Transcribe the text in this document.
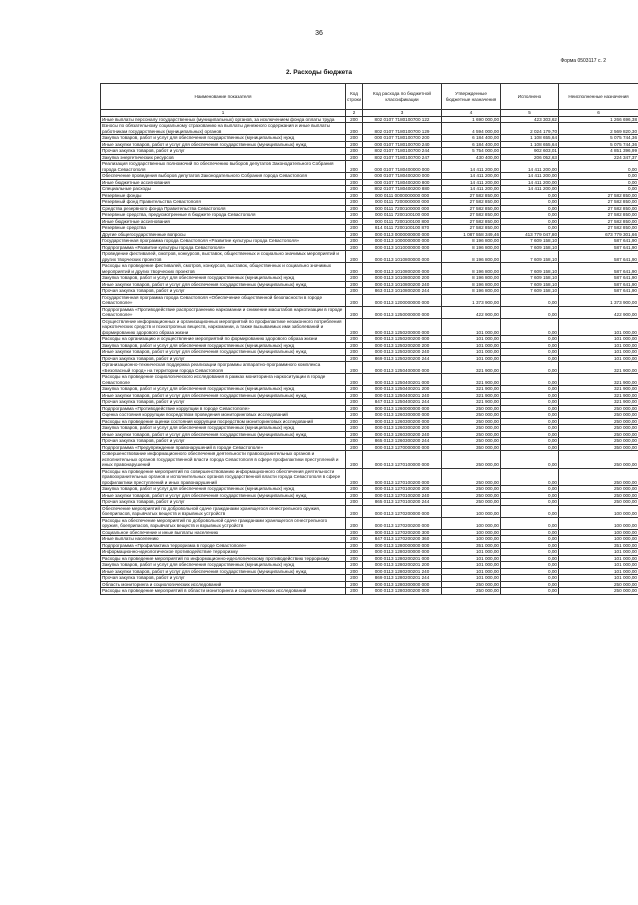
36
Форма 0503117 с. 2
2. Расходы бюджета
Наименование показателя	Код строки	Код расхода по бюджетной классификации	Утвержденные бюджетные назначения	Исполнено	Неисполненные назначения
1	2	3	4	5	6
Иные выплаты персоналу государственных (муниципальных) органов, за исключением фонда оплаты труда	200	802 0107 7180100700 122	1 690 000,00	423 303,62	1 266 696,38
Взносы по обязательному социальному страхованию на выплаты денежного содержания и иные выплаты работникам государственных (муниципальных) органов	200	802 0107 7180100700 129	4 594 000,00	2 024 179,70	2 569 820,30
Закупка товаров, работ и услуг для обеспечения государственных (муниципальных) нужд	200	000 0107 7180100700 200	6 184 400,00	1 108 655,64	5 075 744,36
Иные закупки товаров, работ и услуг для обеспечения государственных (муниципальных) нужд	200	000 0107 7180100700 240	6 184 400,00	1 108 655,64	5 075 744,36
Прочая закупка товаров, работ и услуг	200	802 0107 7180100700 244	5 754 000,00	902 603,01	4 851 396,99
Закупка энергетических ресурсов	200	802 0107 7180100700 247	430 400,00	206 052,63	224 347,37
Реализация государственных полномочий по обеспечению выборов депутатов Законодательного Собрания города Севастополя	200	000 0107 7180400000 000	14 411 200,00	14 411 200,00	0,00
Обеспечение проведения выборов депутатов Законодательного Собрания города Севастополя	200	000 0107 7180400200 000	14 411 200,00	14 411 200,00	0,00
Иные бюджетные ассигнования	200	000 0107 7180400200 800	14 411 200,00	14 411 200,00	0,00
Специальные расходы	200	802 0107 7180400200 880	14 411 200,00	14 411 200,00	0,00
Резервные фонды	200	000 0111 0000000000 000	27 582 850,00	0,00	27 582 850,00
Резервный фонд Правительства Севастополя	200	000 0111 7200000000 000	27 582 850,00	0,00	27 582 850,00
Средства резервного фонда Правительства Севастополя	200	000 0111 7200100000 000	27 582 850,00	0,00	27 582 850,00
Резервные средства, предусмотренные в бюджете города Севастополя	200	000 0111 7200100100 000	27 582 850,00	0,00	27 582 850,00
Иные бюджетные ассигнования	200	000 0111 7200100100 800	27 582 850,00	0,00	27 582 850,00
Резервные средства	200	814 0111 7200100100 870	27 582 850,00	0,00	27 582 850,00
Другие общегосударственные вопросы	200	000 0113 0000000000 000	1 087 558 349,46	413 779 047,80	673 779 301,66
Государственная программа города Севастополя «Развитие культуры города Севастополя»	200	000 0113 1000000000 000	8 196 800,00	7 609 158,10	587 641,90
Подпрограмма «Развитие культуры города Севастополя»	200	000 0113 1010000000 000	8 196 800,00	7 609 158,10	587 641,90
Проведение фестивалей, смотров, конкурсов, выставок, общественных и социально значимых мероприятий и других творческих проектов	200	000 0113 1010800000 000	8 196 800,00	7 609 158,10	587 641,90
Расходы на проведение фестивалей, смотров, конкурсов, выставок, общественных и социально значимых мероприятий и других творческих проектов	200	000 0113 1010800200 000	8 196 800,00	7 609 158,10	587 641,90
Закупка товаров, работ и услуг для обеспечения государственных (муниципальных) нужд	200	000 0113 1010800200 200	8 196 800,00	7 609 158,10	587 641,90
Иные закупки товаров, работ и услуг для обеспечения государственных (муниципальных) нужд	200	000 0113 1010800200 240	8 196 800,00	7 609 158,10	587 641,90
Прочая закупка товаров, работ и услуг	200	863 0113 1010800200 244	8 196 800,00	7 609 158,10	587 641,90
Государственная программа города Севастополя «Обеспечение общественной безопасности в городе Севастополе»	200	000 0113 1200000000 000	1 373 900,00	0,00	1 373 900,00
Подпрограмма «Противодействие распространению наркомании и снижение масштабов наркотизации в городе Севастополе»	200	000 0113 1250000000 000	422 900,00	0,00	422 900,00
Осуществление информационных и организационных мероприятий по профилактике незаконного потребления наркотических средств и психотропных веществ, наркомании, а также вызываемых ими заболеваний и формированию здорового образа жизни	200	000 0113 1250200000 000	101 000,00	0,00	101 000,00
Расходы на организацию и осуществление мероприятий по формированию здорового образа жизни	200	000 0113 1250200200 000	101 000,00	0,00	101 000,00
Закупка товаров, работ и услуг для обеспечения государственных (муниципальных) нужд	200	000 0113 1250200200 200	101 000,00	0,00	101 000,00
Иные закупки товаров, работ и услуг для обеспечения государственных (муниципальных) нужд	200	000 0113 1250200200 240	101 000,00	0,00	101 000,00
Прочая закупка товаров, работ и услуг	200	869 0113 1250200200 244	101 000,00	0,00	101 000,00
Организационно-техническая поддержка реализации программы аппаратно-программного комплекса «Безопасный город» на территории города Севастополя	200	000 0113 1250400000 000	321 900,00	0,00	321 900,00
Расходы на проведение социологического исследования в рамках мониторинга наркоситуации в городе Севастополе	200	000 0113 1250400201 000	321 900,00	0,00	321 900,00
Закупка товаров, работ и услуг для обеспечения государственных (муниципальных) нужд	200	000 0113 1250400201 200	321 900,00	0,00	321 900,00
Иные закупки товаров, работ и услуг для обеспечения государственных (муниципальных) нужд	200	000 0113 1250400201 240	321 900,00	0,00	321 900,00
Прочая закупка товаров, работ и услуг	200	847 0113 1250400201 244	321 900,00	0,00	321 900,00
Подпрограмма «Противодействие коррупции в городе Севастополе»	200	000 0113 1260000000 000	250 000,00	0,00	250 000,00
Оценка состояния коррупции посредством проведения мониторинговых исследований	200	000 0113 1260300000 000	250 000,00	0,00	250 000,00
Расходы на проведение оценки состояния коррупции посредством мониторинговых исследований	200	000 0113 1260300200 000	250 000,00	0,00	250 000,00
Закупка товаров, работ и услуг для обеспечения государственных (муниципальных) нужд	200	000 0113 1260300200 200	250 000,00	0,00	250 000,00
Иные закупки товаров, работ и услуг для обеспечения государственных (муниципальных) нужд	200	000 0113 1260300200 240	250 000,00	0,00	250 000,00
Прочая закупка товаров, работ и услуг	200	865 0113 1260300200 244	250 000,00	0,00	250 000,00
Подпрограмма «Предупреждение правонарушений в городе Севастополе»	200	000 0113 1270000000 000	350 000,00	0,00	350 000,00
Совершенствование информационного обеспечения деятельности правоохранительных органов и исполнительных органов государственной власти города Севастополя в сфере профилактики преступлений и иных правонарушений	200	000 0113 1270100000 000	250 000,00	0,00	250 000,00
Расходы на проведение мероприятий по совершенствованию информационного обеспечения деятельности правоохранительных органов и исполнительных органов государственной власти города Севастополя в сфере профилактики преступлений и иных правонарушений	200	000 0113 1270100200 000	250 000,00	0,00	250 000,00
Закупка товаров, работ и услуг для обеспечения государственных (муниципальных) нужд	200	000 0113 1270100200 200	250 000,00	0,00	250 000,00
Иные закупки товаров, работ и услуг для обеспечения государственных (муниципальных) нужд	200	000 0113 1270100200 240	250 000,00	0,00	250 000,00
Прочая закупка товаров, работ и услуг	200	865 0113 1270100200 244	250 000,00	0,00	250 000,00
Обеспечение мероприятий по добровольной сдаче гражданами хранящегося огнестрельного оружия, боеприпасов, взрывчатых веществ и взрывных устройств	200	000 0113 1270200000 000	100 000,00	0,00	100 000,00
Расходы на обеспечение мероприятий по добровольной сдаче гражданами хранящегося огнестрельного оружия, боеприпасов, взрывчатых веществ и взрывных устройств	200	000 0113 1270200200 000	100 000,00	0,00	100 000,00
Социальное обеспечение и иные выплаты населению	200	000 0113 1270200200 300	100 000,00	0,00	100 000,00
Иные выплаты населению	200	847 0113 1270200200 360	100 000,00	0,00	100 000,00
Подпрограмма «Профилактика терроризма в городе Севастополе»	200	000 0113 1280000000 000	351 000,00	0,00	351 000,00
Информационно-идеологическое противодействие терроризму	200	000 0113 1280200000 000	101 000,00	0,00	101 000,00
Расходы на проведение мероприятий по информационно-идеологическому противодействию терроризму	200	000 0113 1280200201 000	101 000,00	0,00	101 000,00
Закупка товаров, работ и услуг для обеспечения государственных (муниципальных) нужд	200	000 0113 1280200201 200	101 000,00	0,00	101 000,00
Иные закупки товаров, работ и услуг для обеспечения государственных (муниципальных) нужд	200	000 0113 1280200201 240	101 000,00	0,00	101 000,00
Прочая закупка товаров, работ и услуг	200	869 0113 1280200201 244	101 000,00	0,00	101 000,00
Область мониторинга и социологических исследований	200	000 0113 1280300000 000	250 000,00	0,00	250 000,00
Расходы на проведение мероприятий в области мониторинга и социологических исследований	200	000 0113 1280300200 000	250 000,00	0,00	250 000,00
